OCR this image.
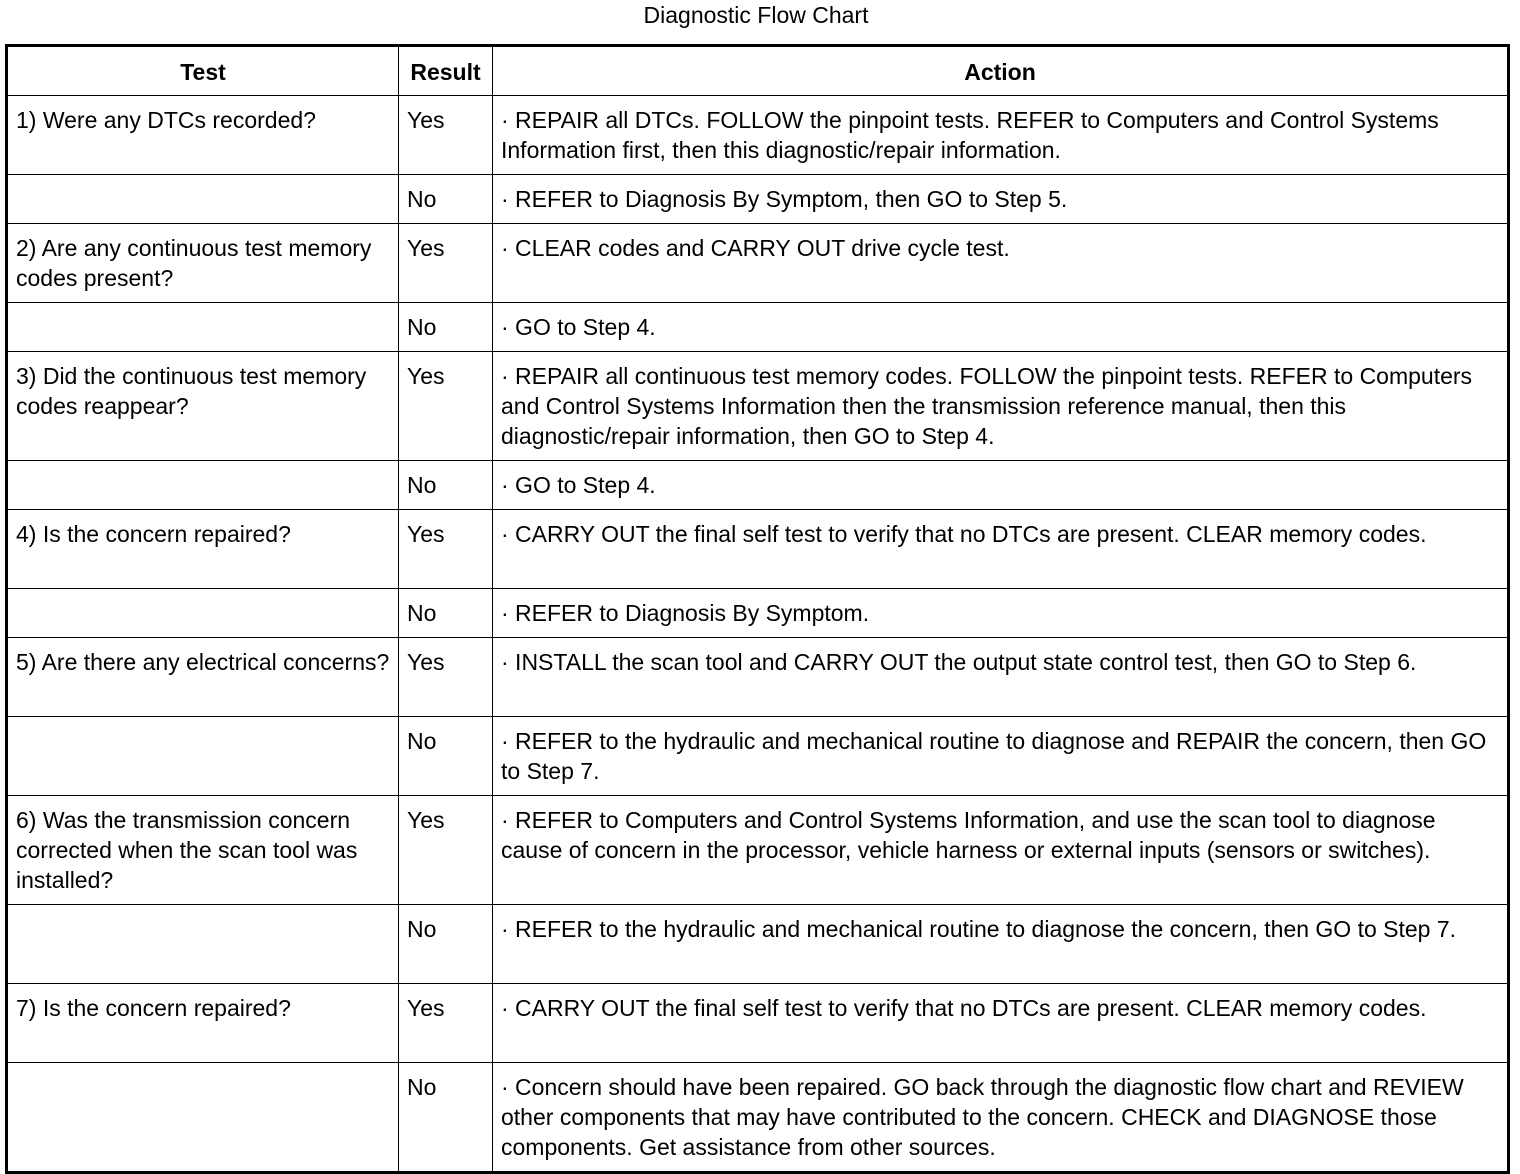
Diagnostic Flow Chart
Test	Result	Action
1) Were any DTCs recorded?	Yes	· REPAIR all DTCs. FOLLOW the pinpoint tests. REFER to Computers and Control Systems Information first, then this diagnostic/repair information.
	No	· REFER to Diagnosis By Symptom, then GO to Step 5.
2) Are any continuous test memory codes present?	Yes	· CLEAR codes and CARRY OUT drive cycle test.
	No	· GO to Step 4.
3) Did the continuous test memory codes reappear?	Yes	· REPAIR all continuous test memory codes. FOLLOW the pinpoint tests. REFER to Computers and Control Systems Information then the transmission reference manual, then this diagnostic/repair information, then GO to Step 4.
	No	· GO to Step 4.
4) Is the concern repaired?	Yes	· CARRY OUT the final self test to verify that no DTCs are present. CLEAR memory codes.
	No	· REFER to Diagnosis By Symptom.
5) Are there any electrical concerns?	Yes	· INSTALL the scan tool and CARRY OUT the output state control test, then GO to Step 6.
	No	· REFER to the hydraulic and mechanical routine to diagnose and REPAIR the concern, then GO to Step 7.
6) Was the transmission concern corrected when the scan tool was installed?	Yes	· REFER to Computers and Control Systems Information, and use the scan tool to diagnose cause of concern in the processor, vehicle harness or external inputs (sensors or switches).
	No	· REFER to the hydraulic and mechanical routine to diagnose the concern, then GO to Step 7.
7) Is the concern repaired?	Yes	· CARRY OUT the final self test to verify that no DTCs are present. CLEAR memory codes.
	No	· Concern should have been repaired. GO back through the diagnostic flow chart and REVIEW other components that may have contributed to the concern. CHECK and DIAGNOSE those components. Get assistance from other sources.
